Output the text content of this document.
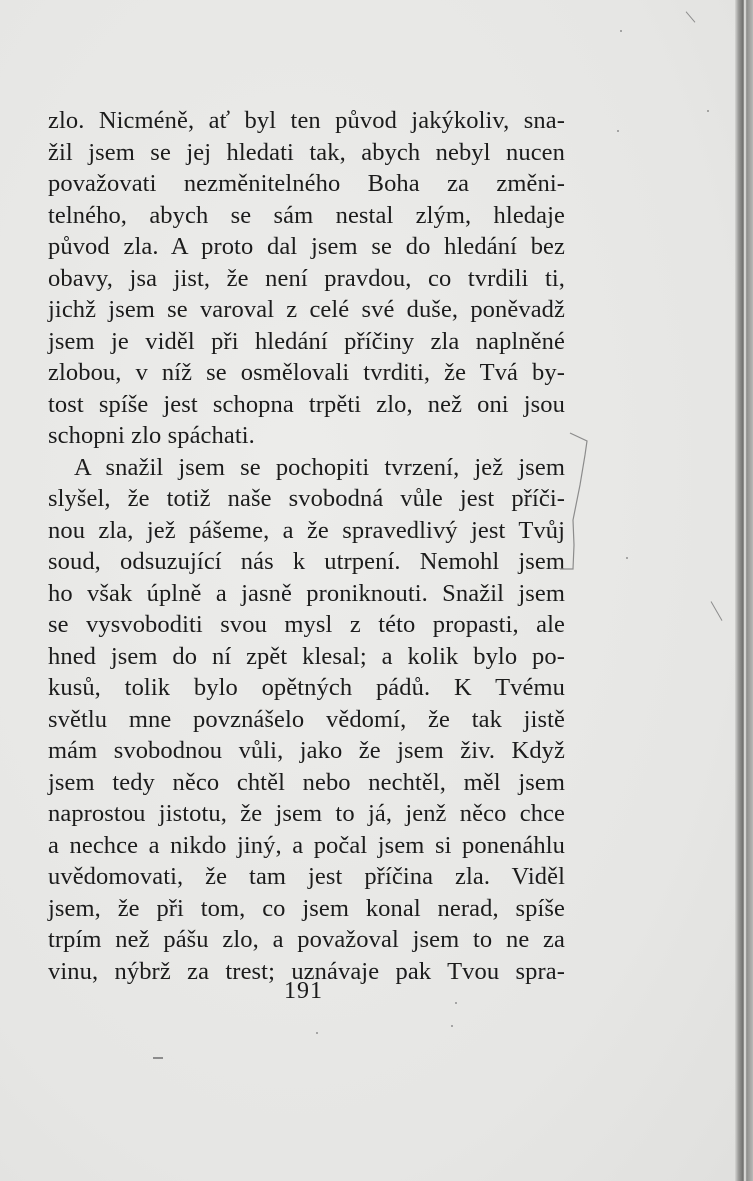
zlo. Nicméně, ať byl ten původ jakýkoliv, sna-
žil jsem se jej hledati tak, abych nebyl nucen
považovati nezměnitelného Boha za změni-
telného, abych se sám nestal zlým, hledaje
původ zla. A proto dal jsem se do hledání bez
obavy, jsa jist, že není pravdou, co tvrdili ti,
jichž jsem se varoval z celé své duše, poněvadž
jsem je viděl při hledání příčiny zla naplněné
zlobou, v níž se osmělovali tvrditi, že Tvá by-
tost spíše jest schopna trpěti zlo, než oni jsou
schopni zlo spáchati.
A snažil jsem se pochopiti tvrzení, jež jsem
slyšel, že totiž naše svobodná vůle jest příči-
nou zla, jež pášeme, a že spravedlivý jest Tvůj
soud, odsuzující nás k utrpení. Nemohl jsem
ho však úplně a jasně proniknouti. Snažil jsem
se vysvoboditi svou mysl z této propasti, ale
hned jsem do ní zpět klesal; a kolik bylo po-
kusů, tolik bylo opětných pádů. K Tvému
světlu mne povznášelo vědomí, že tak jistě
mám svobodnou vůli, jako že jsem živ. Když
jsem tedy něco chtěl nebo nechtěl, měl jsem
naprostou jistotu, že jsem to já, jenž něco chce
a nechce a nikdo jiný, a počal jsem si ponenáhlu
uvědomovati, že tam jest příčina zla. Viděl
jsem, že při tom, co jsem konal nerad, spíše
trpím než pášu zlo, a považoval jsem to ne za
vinu, nýbrž za trest; uznávaje pak Tvou spra-
191
